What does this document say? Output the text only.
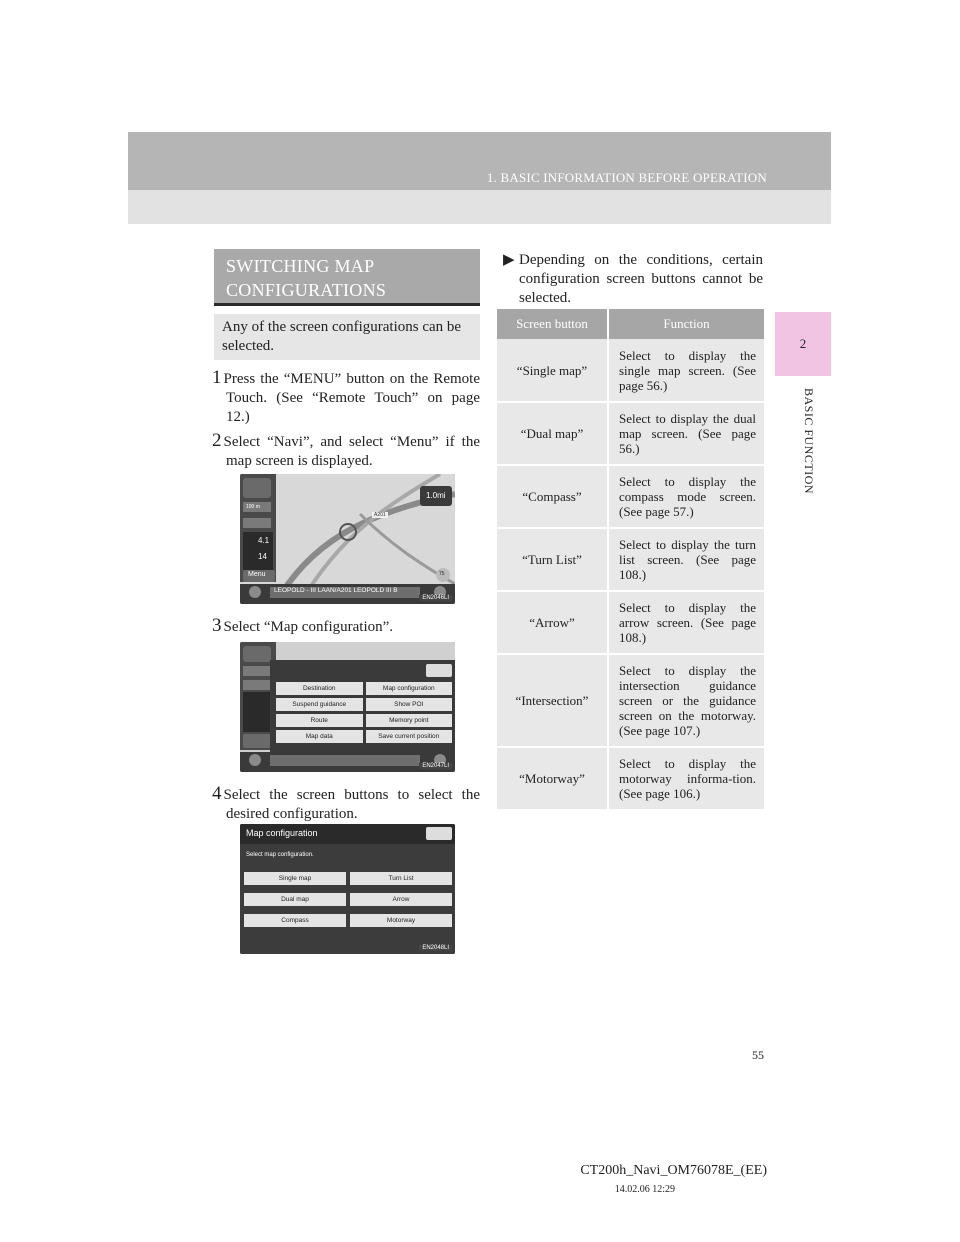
1. BASIC INFORMATION BEFORE OPERATION
2
BASIC FUNCTION
SWITCHING MAP CONFIGURATIONS
Any of the screen configurations can be selected.
1 Press the “MENU” button on the Remote Touch. (See “Remote Touch” on page 12.)
2 Select “Navi”, and select “Menu” if the map screen is displayed.
100 m
1.0mi
4.1
14
Menu
A201
LEOPOLD - III LAAN/A201 LEOPOLD III B
75
EN2046LI
3 Select “Map configuration”.
Destination	Map configuration
Suspend guidance	Show POI
Route	Memory point
Map data	Save current position
EN2047LI
4 Select the screen buttons to select the desired configuration.
Map configuration
Select map configuration.
Single map	Turn List
Dual map	Arrow
Compass	Motorway
EN2048LI
▶ Depending on the conditions, certain configuration screen buttons cannot be selected.
Screen button	Function
“Single map”	Select to display the single map screen. (See page 56.)
“Dual map”	Select to display the dual map screen. (See page 56.)
“Compass”	Select to display the compass mode screen. (See page 57.)
“Turn List”	Select to display the turn list screen. (See page 108.)
“Arrow”	Select to display the arrow screen. (See page 108.)
“Intersection”	Select to display the intersection guidance screen or the guidance screen on the motorway. (See page 107.)
“Motorway”	Select to display the motorway informa-tion. (See page 106.)
55
CT200h_Navi_OM76078E_(EE)
14.02.06 12:29
